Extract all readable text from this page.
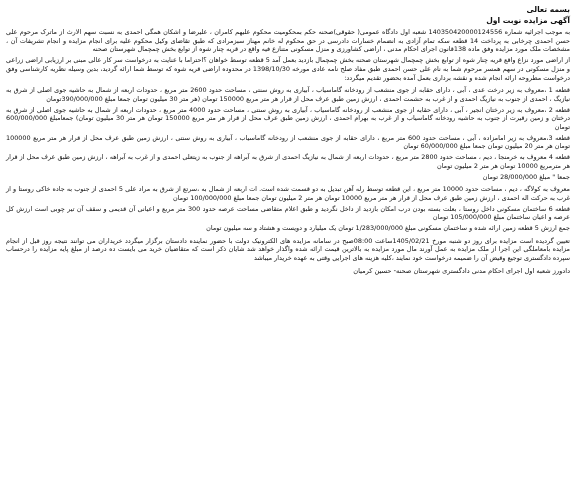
بسمه تعالی
آگهی مزایده نوبت اول

به موجب اجرائیه شماره 140350420000124556 شعبه اول دادگاه عمومی( حقوقی)صحنه حکم بمحکومیت محکوم علیهم کامران ، علیرضا و اشکان همگی احمدی به نسبت سهم الارث از ماترک مرحوم علی حسن احمدی چرخابی به پرداخت 14 قطعه سکه تمام آزادی به انضمام خسارات دادرسی در حق محکوم له خانم مهناز سبزمرادی که طبق تقاضای وکیل محکوم علیه برای انجام مزایده و انجام تشریفات آن ، مشخصات ملک مورد مزایده وفق ماده 138قانون اجرای احکام مدنی ، اراضی کشاورزی و منزل مسکونی متنازع فیه واقع در قریه چنار شوه از توابع بخش چمچمال شهرستان صحنه

از اراضی مورد نزاع واقع قریه چنار شوه از توابع بخش چمچمال شهرستان صحنه بخش چمچمال بازدید بعمل آمد 5 قطعه توسط خواهان ؟احتراما با عنایت به درخواست سر کار عالی مبنی بر ارزیابی اراضی زراعی و منزل مسکونی در سهم همسر مرحوم شما به نام علی حسن احمدی طبق مفاد صلح نامه عادی مورخه 1398/10/30 در محدوده اراضی قریه شوه که توسط شما ارائه گردید، بدین وسیله نظریه کارشناسی وفق درخواست مطروحه ارائه انجام شده و نقشه برداری بعمل آمده بحضور تقدیم میگردد:

قطعه 1 ،معروف به زیر درخت عدی ، آبی ، دارای حقابه از جوی منشعب از رودخانه گاماسیاب ، آبیاری به روش سنتی ، مساحت حدود 2600 متر مربع ، حدودات اربعه از شمال به حاشیه جوی اصلی از شرق به نیازیگ ، احمدی از جنوب به نیازیگ احمدی و از غرب به حشمت احمدی ، ارزش زمین طبق عرف محل از قرار هر متر مربع 150000 تومان (هر متر 30 میلیون تومان جمعا مبلغ 390/000/000تومان

قطعه 2 ،معروف به زیر درختان انجیر ، آبی ، دارای حقابه از جوی منشعب از رودخانه گاماسیاب ، آبیاری به روش سنتی ، مساحت حدود 4000 متر مربع ، حدودات اربعه از شمال به حاشیه جوی اصلی از شرق به درختان و زمین رقیرت از جنوب به حاشیه رودخانه گاماسیاب و از غرب به بهرام احمدی ، ارزش زمین طبق عرف محل از قرار هر متر مربع 150000 تومان هر متر 30 میلیون تومان) جمعامبلغ 600/000/000 تومان

قطعه 3،معروف به زیر امامزاده ، آبی ، مساحت حدود 600 متر مربع ، دارای حقابه از جوی منشعب از رودخانه گاماسیاب ، آبیاری به روش سنتی ، ارزش زمین طبق عرف محل از قرار هر متر مربع 100000 تومان هر متر 20 میلیون تومان جمعا مبلغ 60/000/000 تومان

قطعه 4 معروف به خرمنجا ، دیم ، مساحت حدود 2800 متر مربع ، حدودات اربعه از شمال به نیازیگ احمدی از شرق به آبراهه از جنوب به زیتعلی احمدی و از غرب به آبراهه ، ارزش زمین طبق عرف محل از قرار هر مترمربع 10000 تومان هر متر 2 میلیون تومان

جمعا " مبلغ 28/000/000 تومان

معروف به کولاگه ، دیم ، مساحت حدود 10000 متر مربع ، این قطعه توسط رله آهن تبدیل به دو قسمت شده است. ات اربعه از شمال به ،سرتع از شرق به مراد علی 5 احمدی از جنوب به جاده خاکی روستا و از غرب به حرکت اله احمدی ، ارزش زمین طبق عرف محل از قرار هر متر مربع 10000 تومان هر متر 2 میلیون تومان جمعا مبلغ 100/000/000 تومان

قطعه 6 ساختمان مسکونی داخل روستا ، بعلت بسته بودن درب امکان بازدید از داخل نگردید و طبق اعلام متقاضی مساحت عرصه حدود 300 متر مربع و اعیانی آن قدیمی و سقف آن تیر چوبی است ارزش کل عرصه و اعیان ساختمان مبلغ 105/000/000 تومان

جمع ارزش 5 قطعه زمین ارائه شده و ساختمان مسکونی مبلغ 1/283/000/000 تومان یک میلیارد و دویست و هشتاد و سه میلیون تومان

تعیین گردیده است مزایده برای روز دو شنبه مورخ 1405/02/21ساعت 08:00صبح در سامانه مزایده های الکترونیک دولت با حضور نماینده دادستان برگزار میگردد خریداران می توانند نتیجه روز قبل از انجام مزایده بامعاملگی این اجرا از ملک مزایده به عمل آورند مال مورد مزایده به بالاترین قیمت ارائه شده واگذار خواهد شد شایان ذکر است که متقاضیان خرید می بایست ده درصد از مبلغ پایه مزایده را درحساب سپرده دادگستری توجیع وقیض آن را ضمیمه درخواست خود نمایند ،کلیه هزینه های اجرایی وقتی به عهده خریدار میباشد

دادورز شعبه اول اجرای احکام مدنی دادگستری شهرستان صحنه- حسین کرمیان
